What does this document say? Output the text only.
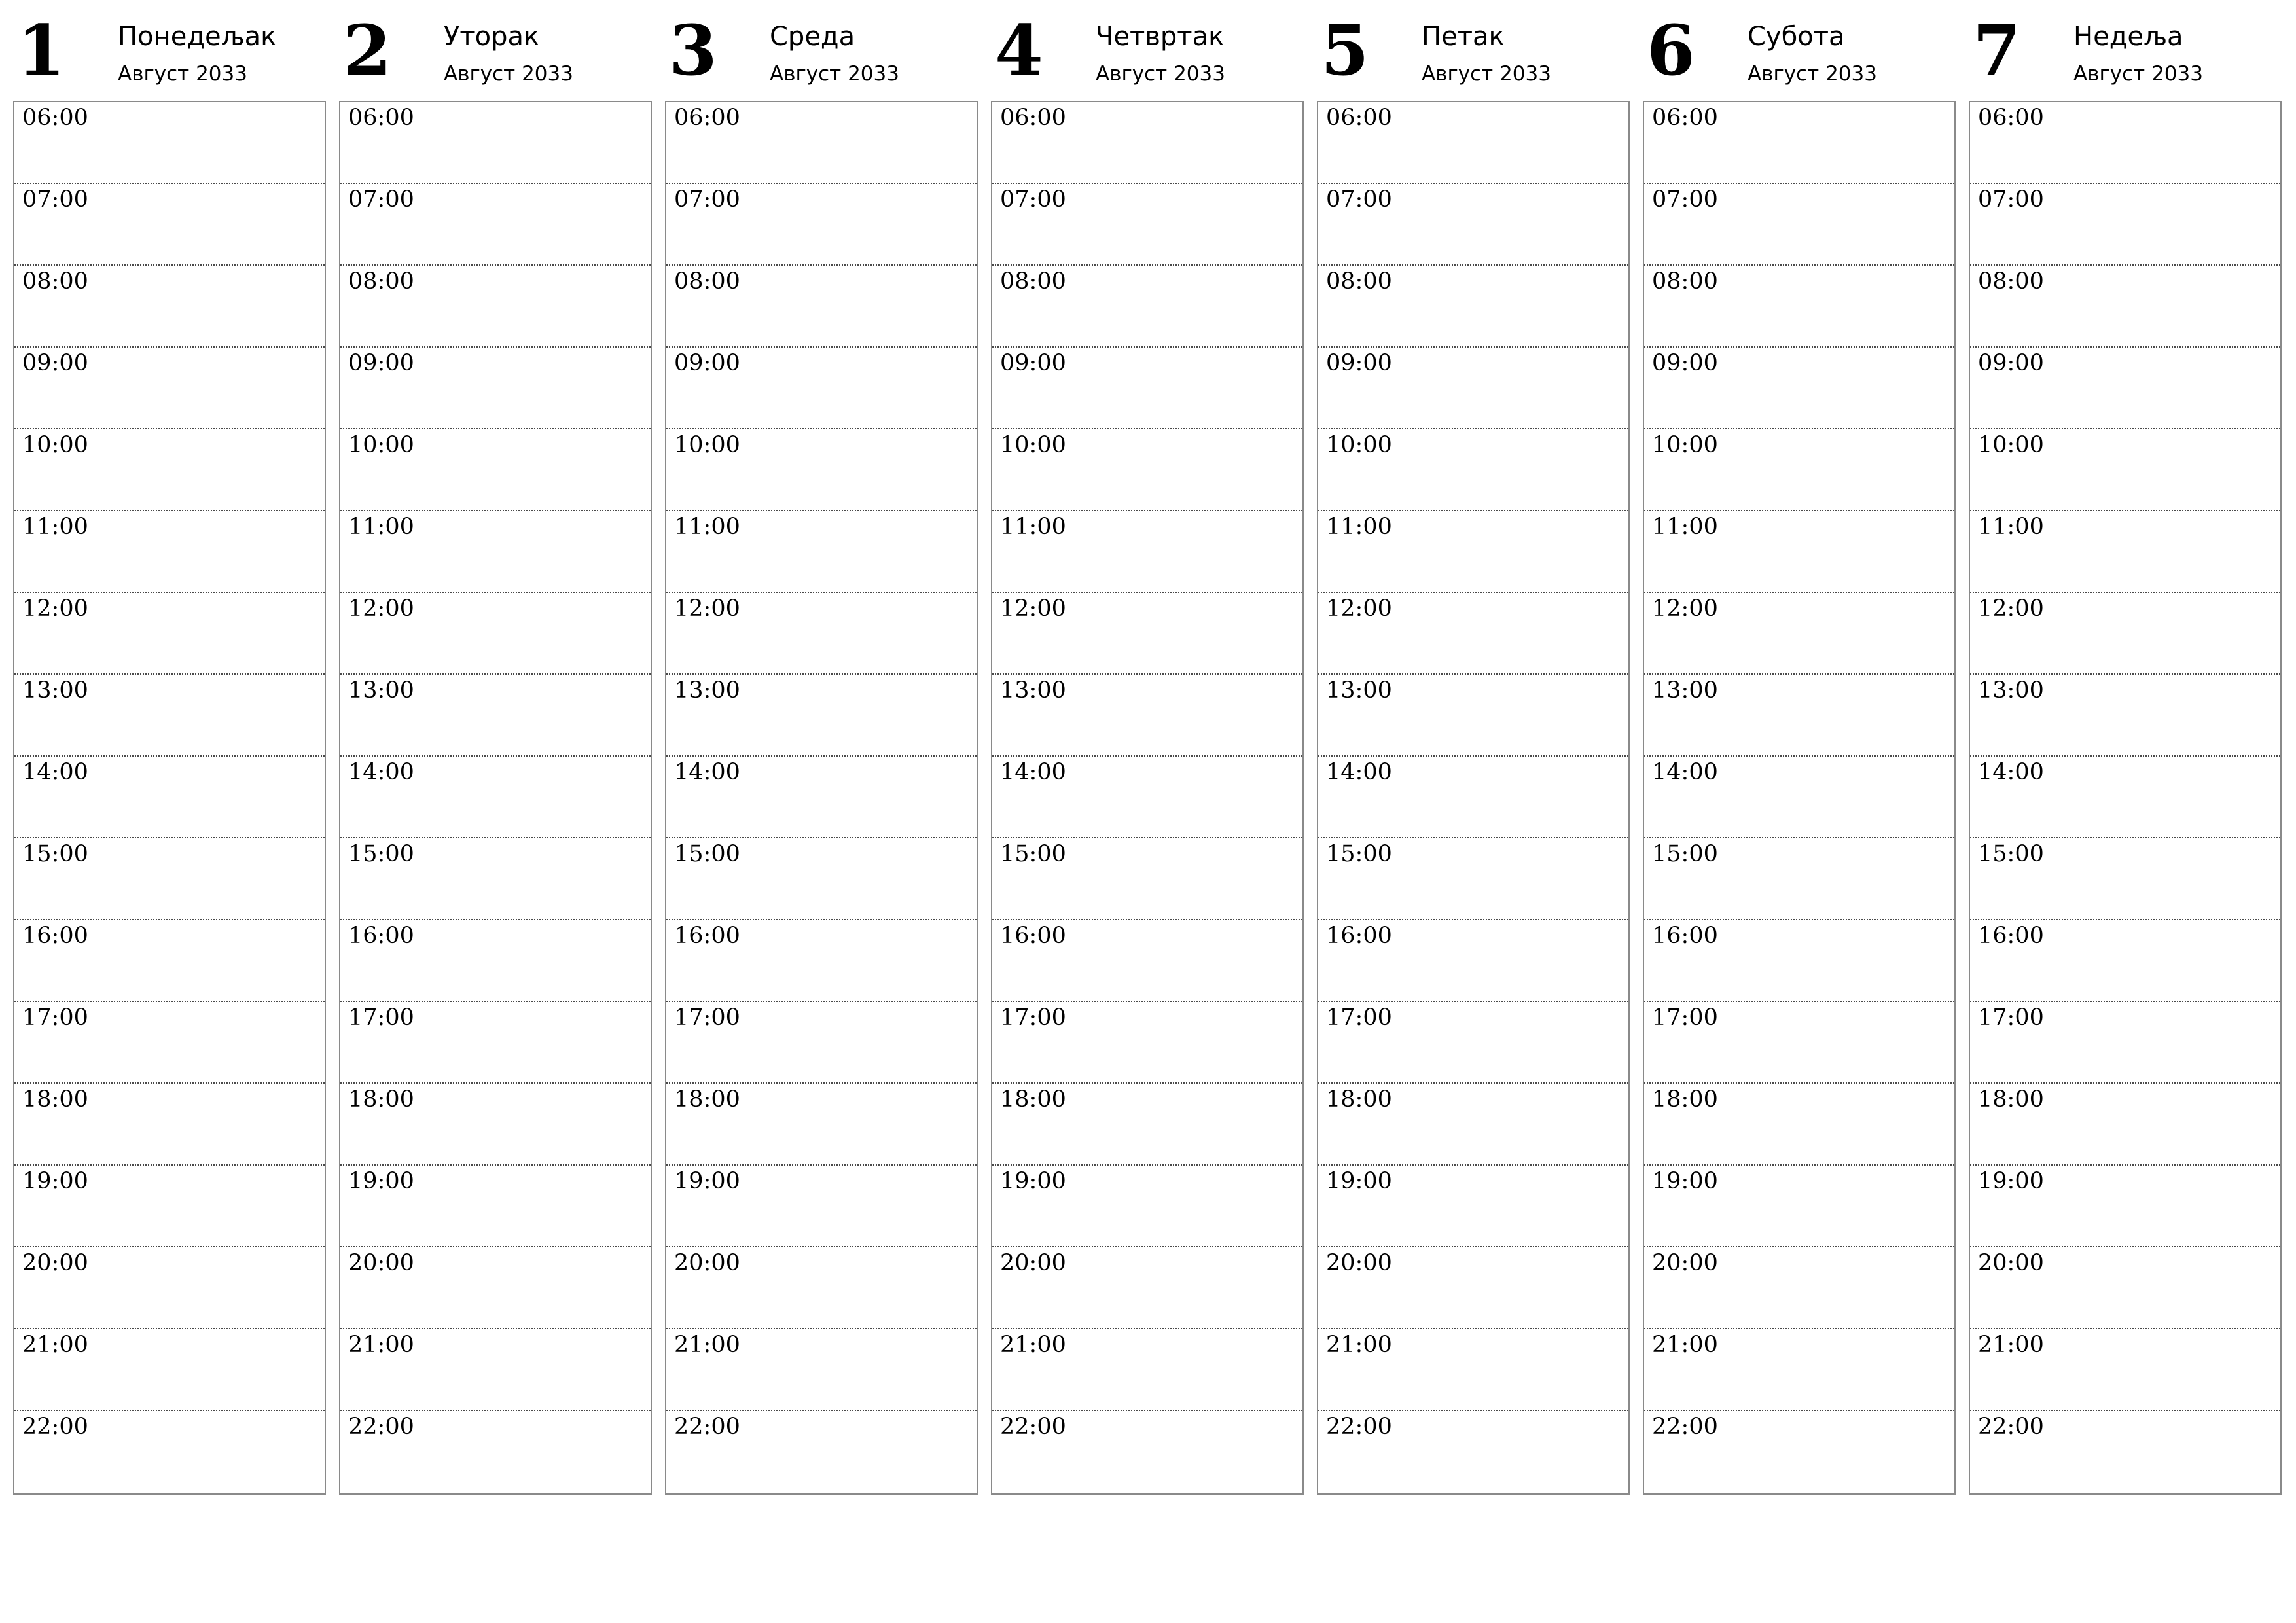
1 Понедељак
Август 2033
06:00
07:00
08:00
09:00
10:00
11:00
12:00
13:00
14:00
15:00
16:00
17:00
18:00
19:00
20:00
21:00
22:00
2 Уторак
Август 2033
06:00
07:00
08:00
09:00
10:00
11:00
12:00
13:00
14:00
15:00
16:00
17:00
18:00
19:00
20:00
21:00
22:00
3 Среда
Август 2033
06:00
07:00
08:00
09:00
10:00
11:00
12:00
13:00
14:00
15:00
16:00
17:00
18:00
19:00
20:00
21:00
22:00
4 Четвртак
Август 2033
06:00
07:00
08:00
09:00
10:00
11:00
12:00
13:00
14:00
15:00
16:00
17:00
18:00
19:00
20:00
21:00
22:00
5 Петак
Август 2033
06:00
07:00
08:00
09:00
10:00
11:00
12:00
13:00
14:00
15:00
16:00
17:00
18:00
19:00
20:00
21:00
22:00
6 Субота
Август 2033
06:00
07:00
08:00
09:00
10:00
11:00
12:00
13:00
14:00
15:00
16:00
17:00
18:00
19:00
20:00
21:00
22:00
7 Недеља
Август 2033
06:00
07:00
08:00
09:00
10:00
11:00
12:00
13:00
14:00
15:00
16:00
17:00
18:00
19:00
20:00
21:00
22:00
